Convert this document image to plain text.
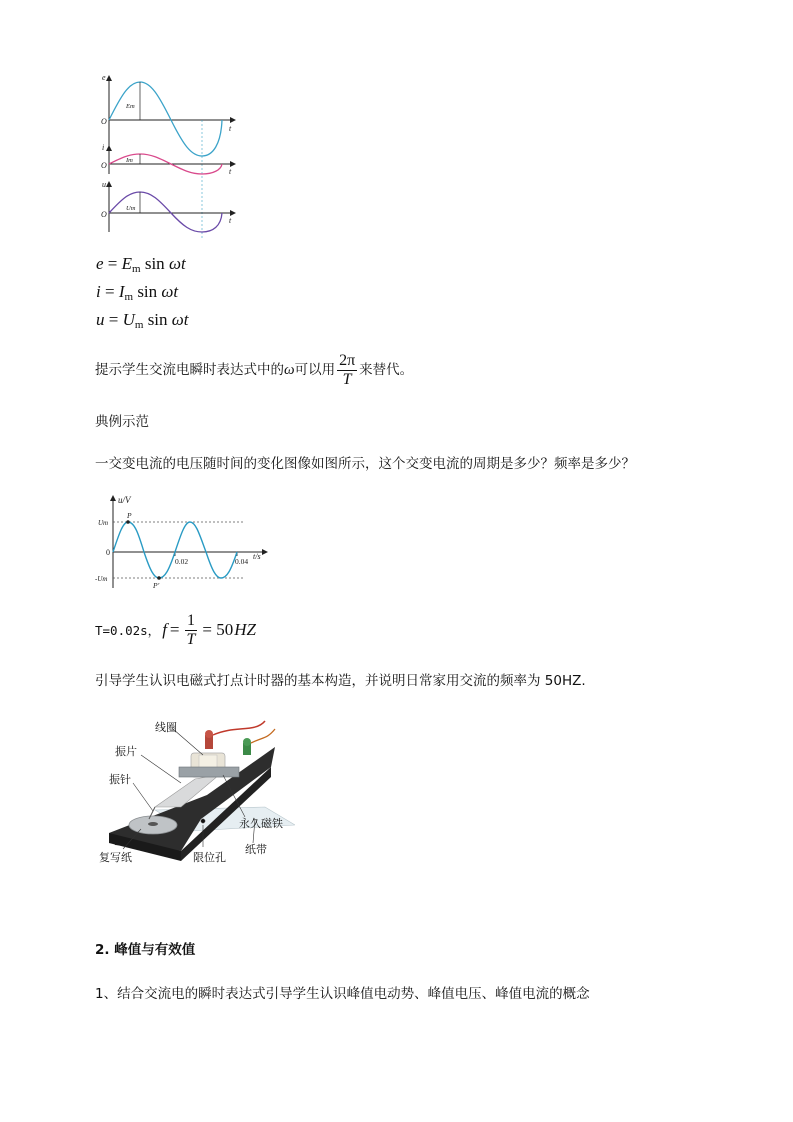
e
O
t
Em
i
O
t
Im
u
O
t
Um
$e = E_m$ sin ωt
$i = I_m$ sin ωt
$u = U_m$ sin ωt
提示学生交流电瞬时表达式中的 ω 可以用 $\frac{2\pi}{T}$ 来替代。
典例示范
一交变电流的电压随时间的变化图像如图所示，这个交变电流的周期是多少？频率是多少？
u/V
t/s
0
Um
-Um
0.02	0.04
P
P'
T=0.02s， $f = \frac{1}{T} = 50$ HZ
引导学生认识电磁式打点计时器的基本构造，并说明日常家用交流的频率为 50HZ.
线圈
振片
振针
永久磁铁
纸带
复写纸	限位孔
2. 峰值与有效值
1、结合交流电的瞬时表达式引导学生认识峰值电动势、峰值电压、峰值电流的概念
